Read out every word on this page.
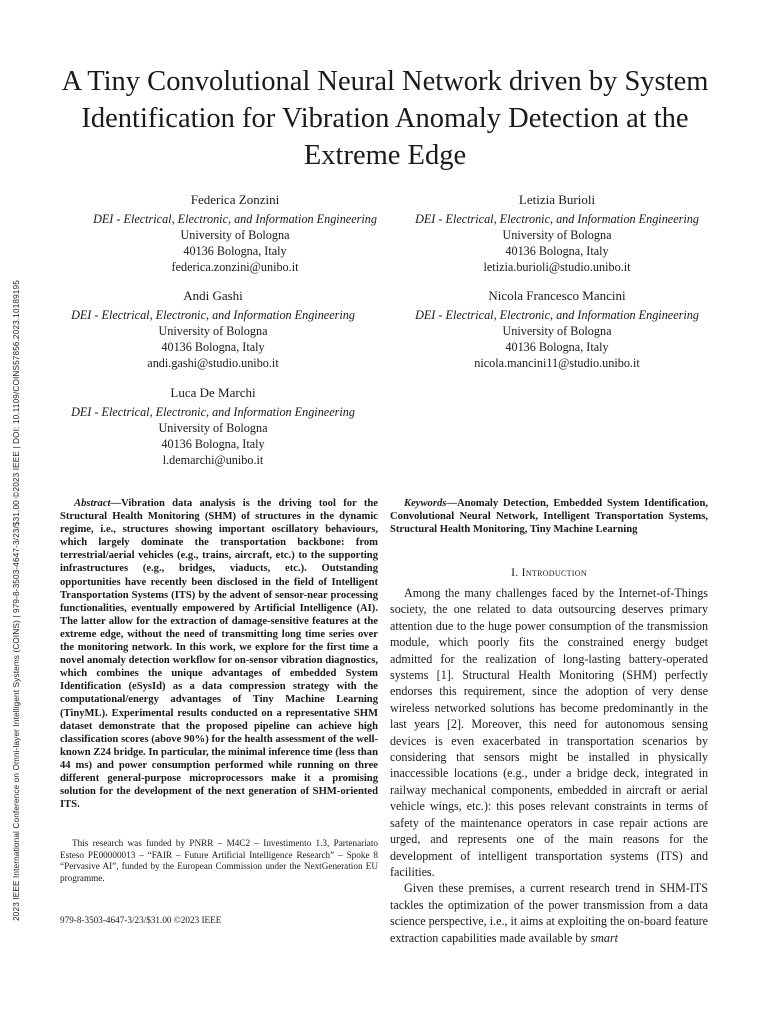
2023 IEEE International Conference on Omni-layer Intelligent Systems (COINS) | 979-8-3503-4647-3/23/$31.00 ©2023 IEEE | DOI: 10.1109/COINS57856.2023.10189195
A Tiny Convolutional Neural Network driven by System Identification for Vibration Anomaly Detection at the Extreme Edge
Federica Zonzini
DEI - Electrical, Electronic, and Information Engineering
University of Bologna
40136 Bologna, Italy
federica.zonzini@unibo.it
Letizia Burioli
DEI - Electrical, Electronic, and Information Engineering
University of Bologna
40136 Bologna, Italy
letizia.burioli@studio.unibo.it
Andi Gashi
DEI - Electrical, Electronic, and Information Engineering
University of Bologna
40136 Bologna, Italy
andi.gashi@studio.unibo.it
Nicola Francesco Mancini
DEI - Electrical, Electronic, and Information Engineering
University of Bologna
40136 Bologna, Italy
nicola.mancini11@studio.unibo.it
Luca De Marchi
DEI - Electrical, Electronic, and Information Engineering
University of Bologna
40136 Bologna, Italy
l.demarchi@unibo.it

Abstract—Vibration data analysis is the driving tool for the Structural Health Monitoring (SHM) of structures in the dynamic regime, i.e., structures showing important oscillatory behaviours, which largely dominate the transportation backbone: from terrestrial/aerial vehicles (e.g., trains, aircraft, etc.) to the supporting infrastructures (e.g., bridges, viaducts, etc.). Outstanding opportunities have recently been disclosed in the field of Intelligent Transportation Systems (ITS) by the advent of sensor-near processing functionalities, eventually empowered by Artificial Intelligence (AI). The latter allow for the extraction of damage-sensitive features at the extreme edge, without the need of transmitting long time series over the monitoring network. In this work, we explore for the first time a novel anomaly detection workflow for on-sensor vibration diagnostics, which combines the unique advantages of embedded System Identification (eSysId) as a data compression strategy with the computational/energy advantages of Tiny Machine Learning (TinyML). Experimental results conducted on a representative SHM dataset demonstrate that the proposed pipeline can achieve high classification scores (above 90%) for the health assessment of the well-known Z24 bridge. In particular, the minimal inference time (less than 44 ms) and power consumption performed while running on three different general-purpose microprocessors make it a promising solution for the development of the next generation of SHM-oriented ITS.

This research was funded by PNRR – M4C2 – Investimento 1.3, Partenariato Esteso PE00000013 – “FAIR – Future Artificial Intelligence Research” – Spoke 8 “Pervasive AI”, funded by the European Commission under the NextGeneration EU programme.

979-8-3503-4647-3/23/$31.00 ©2023 IEEE

Keywords—Anomaly Detection, Embedded System Identification, Convolutional Neural Network, Intelligent Transportation Systems, Structural Health Monitoring, Tiny Machine Learning

I. Introduction

Among the many challenges faced by the Internet-of-Things society, the one related to data outsourcing deserves primary attention due to the huge power consumption of the transmission module, which poorly fits the constrained energy budget admitted for the realization of long-lasting battery-operated systems [1]. Structural Health Monitoring (SHM) perfectly endorses this requirement, since the adoption of very dense wireless networked solutions has become predominantly in the last years [2]. Moreover, this need for autonomous sensing devices is even exacerbated in transportation scenarios by considering that sensors might be installed in physically inaccessible locations (e.g., under a bridge deck, integrated in railway mechanical components, embedded in aircraft or aerial vehicle wings, etc.): this poses relevant constraints in terms of safety of the maintenance operators in case repair actions are urged, and represents one of the main reasons for the development of intelligent transportation systems (ITS) and facilities.

Given these premises, a current research trend in SHM-ITS tackles the optimization of the power transmission from a data science perspective, i.e., it aims at exploiting the on-board feature extraction capabilities made available by smart
